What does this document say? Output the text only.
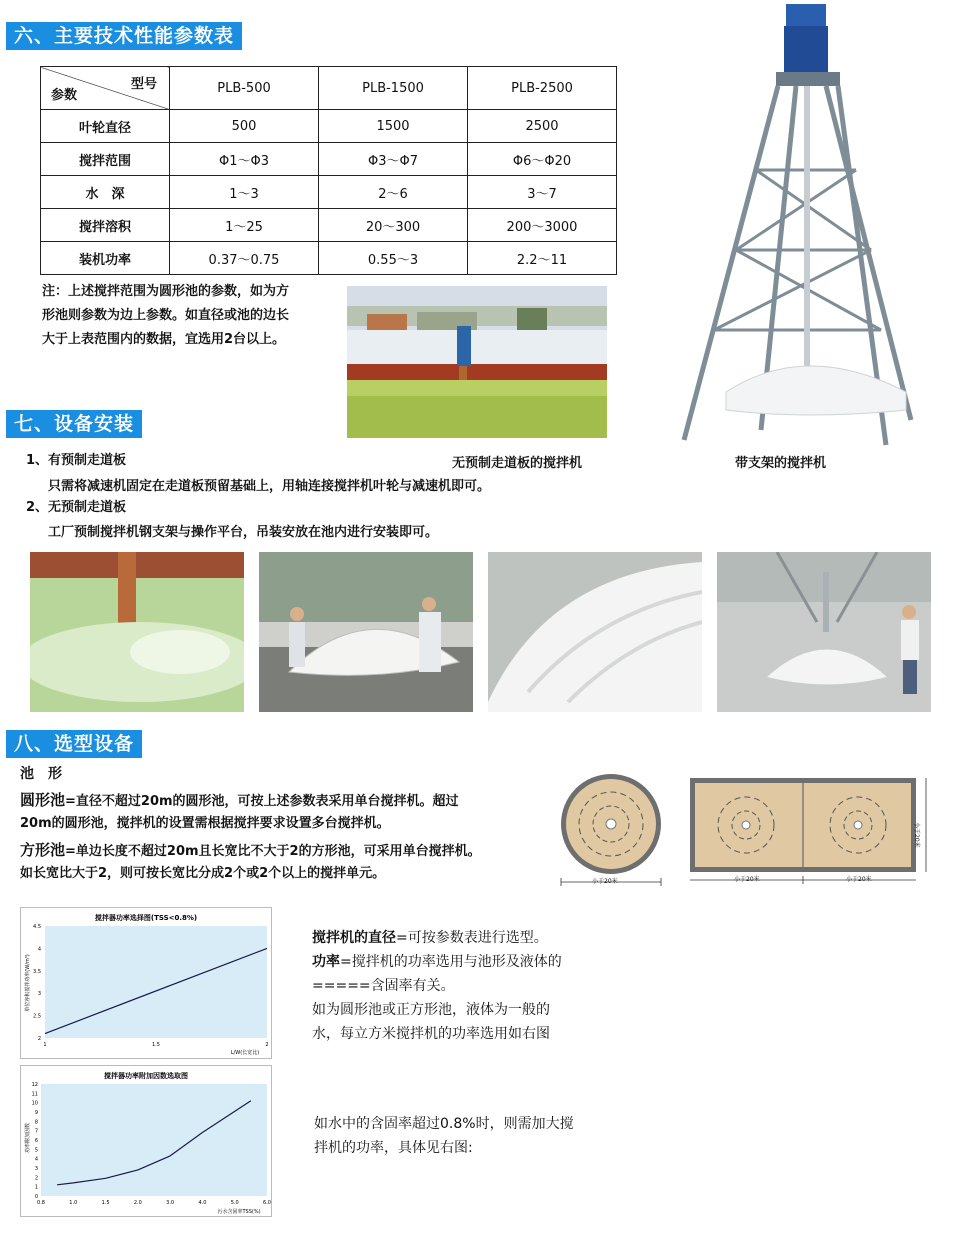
六、主要技术性能参数表
型号
参数	PLB-500	PLB-1500	PLB-2500
叶轮直径	500	1500	2500
搅拌范围	Φ1～Φ3	Φ3～Φ7	Φ6～Φ20
水　深	1～3	2～6	3～7
搅拌溶积	1～25	20～300	200～3000
装机功率	0.37～0.75	0.55～3	2.2～11
注：上述搅拌范围为圆形池的参数，如为方
形池则参数为边上参数。如直径或池的边长
大于上表范围内的数据，宜选用2台以上。
无预制走道板的搅拌机	带支架的搅拌机
七、设备安装
1、有预制走道板
只需将减速机固定在走道板预留基础上，用轴连接搅拌机叶轮与减速机即可。
2、无预制走道板
工厂预制搅拌机钢支架与操作平台，吊装安放在池内进行安装即可。
八、选型设备
池　形
圆形池=直径不超过20m的圆形池，可按上述参数表采用单台搅拌机。超过
20m的圆形池，搅拌机的设置需根据搅拌要求设置多台搅拌机。
方形池=单边长度不超过20m且长宽比不大于2的方形池，可采用单台搅拌机。
如长宽比大于2，则可按长宽比分成2个或2个以上的搅拌单元。
小于20米	小于20米	小于20米
小于20米
搅拌器功率选择图(TSS<0.8%)
L/W(长宽比)
单位容积搅拌功率(W/m³)
2
2.5
3
3.5
4
4.5
1	1.5	2
搅拌器功率附加因数选取图
污水含固率TSS(%)
功率附加因数
0
1
2
3
4
5
6
7
8
9
10
11
12
0.8	1.0	1.5	2.0	3.0	4.0	5.0	6.0
搅拌机的直径=可按参数表进行选型。
功率=搅拌机的功率选用与池形及液体的
=====含固率有关。
如为圆形池或正方形池，液体为一般的
水，每立方米搅拌机的功率选用如右图
如水中的含固率超过0.8%时，则需加大搅
拌机的功率，具体见右图:
